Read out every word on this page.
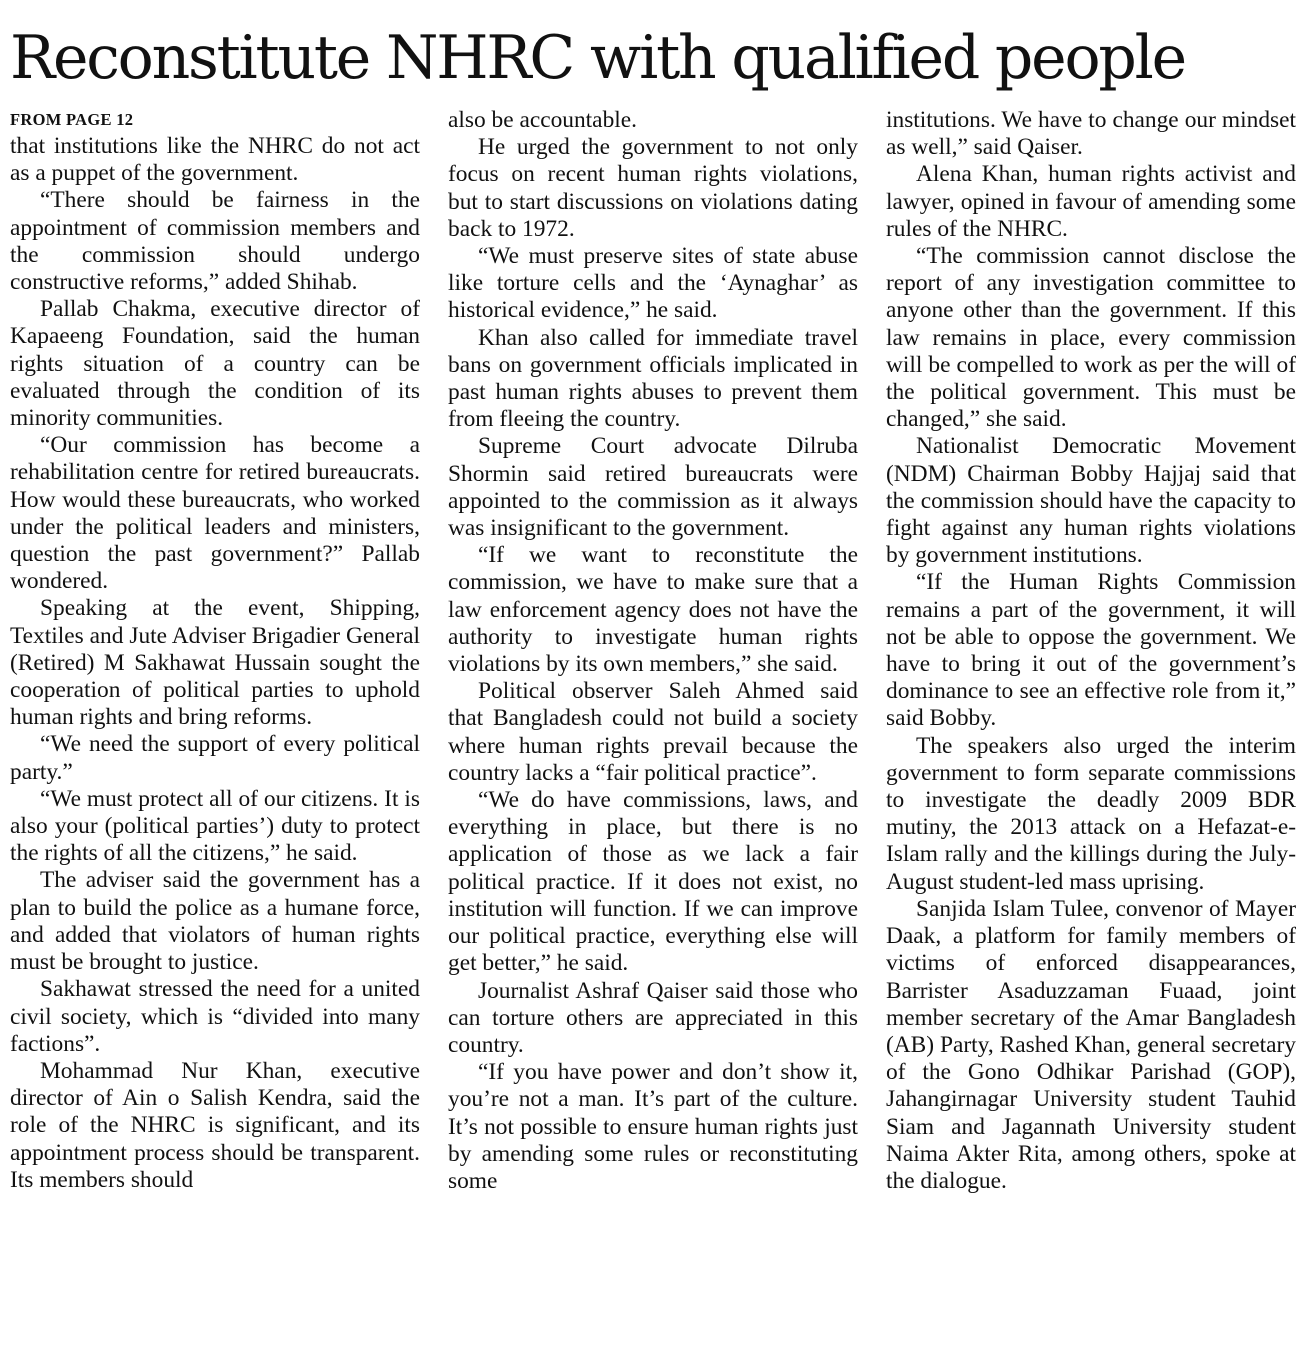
Reconstitute NHRC with qualified people
FROM PAGE 12

that institutions like the NHRC do not act as a puppet of the government.

“There should be fairness in the appointment of commission members and the commission should undergo constructive reforms,” added Shihab.

Pallab Chakma, executive director of Kapaeeng Foundation, said the human rights situation of a country can be evaluated through the condition of its minority communities.

“Our commission has become a rehabilitation centre for retired bureaucrats. How would these bureaucrats, who worked under the political leaders and ministers, question the past government?” Pallab wondered.

Speaking at the event, Shipping, Textiles and Jute Adviser Brigadier General (Retired) M Sakhawat Hussain sought the cooperation of political parties to uphold human rights and bring reforms.

“We need the support of every political party.”

“We must protect all of our citizens. It is also your (political parties’) duty to protect the rights of all the citizens,” he said.

The adviser said the government has a plan to build the police as a humane force, and added that violators of human rights must be brought to justice.

Sakhawat stressed the need for a united civil society, which is “divided into many factions”.

Mohammad Nur Khan, executive director of Ain o Salish Kendra, said the role of the NHRC is significant, and its appointment process should be transparent. Its members should

also be accountable.

He urged the government to not only focus on recent human rights violations, but to start discussions on violations dating back to 1972.

“We must preserve sites of state abuse like torture cells and the ‘Aynaghar’ as historical evidence,” he said.

Khan also called for immediate travel bans on government officials implicated in past human rights abuses to prevent them from fleeing the country.

Supreme Court advocate Dilruba Shormin said retired bureaucrats were appointed to the commission as it always was insignificant to the government.

“If we want to reconstitute the commission, we have to make sure that a law enforcement agency does not have the authority to investigate human rights violations by its own members,” she said.

Political observer Saleh Ahmed said that Bangladesh could not build a society where human rights prevail because the country lacks a “fair political practice”.

“We do have commissions, laws, and everything in place, but there is no application of those as we lack a fair political practice. If it does not exist, no institution will function. If we can improve our political practice, everything else will get better,” he said.

Journalist Ashraf Qaiser said those who can torture others are appreciated in this country.

“If you have power and don’t show it, you’re not a man. It’s part of the culture. It’s not possible to ensure human rights just by amending some rules or reconstituting some

institutions. We have to change our mindset as well,” said Qaiser.

Alena Khan, human rights activist and lawyer, opined in favour of amending some rules of the NHRC.

“The commission cannot disclose the report of any investigation committee to anyone other than the government. If this law remains in place, every commission will be compelled to work as per the will of the political government. This must be changed,” she said.

Nationalist Democratic Movement (NDM) Chairman Bobby Hajjaj said that the commission should have the capacity to fight against any human rights violations by government institutions.

“If the Human Rights Commission remains a part of the government, it will not be able to oppose the government. We have to bring it out of the government’s dominance to see an effective role from it,” said Bobby.

The speakers also urged the interim government to form separate commissions to investigate the deadly 2009 BDR mutiny, the 2013 attack on a Hefazat-e-Islam rally and the killings during the July-August student-led mass uprising.

Sanjida Islam Tulee, convenor of Mayer Daak, a platform for family members of victims of enforced disappearances, Barrister Asaduzzaman Fuaad, joint member secretary of the Amar Bangladesh (AB) Party, Rashed Khan, general secretary of the Gono Odhikar Parishad (GOP), Jahangirnagar University student Tauhid Siam and Jagannath University student Naima Akter Rita, among others, spoke at the dialogue.
